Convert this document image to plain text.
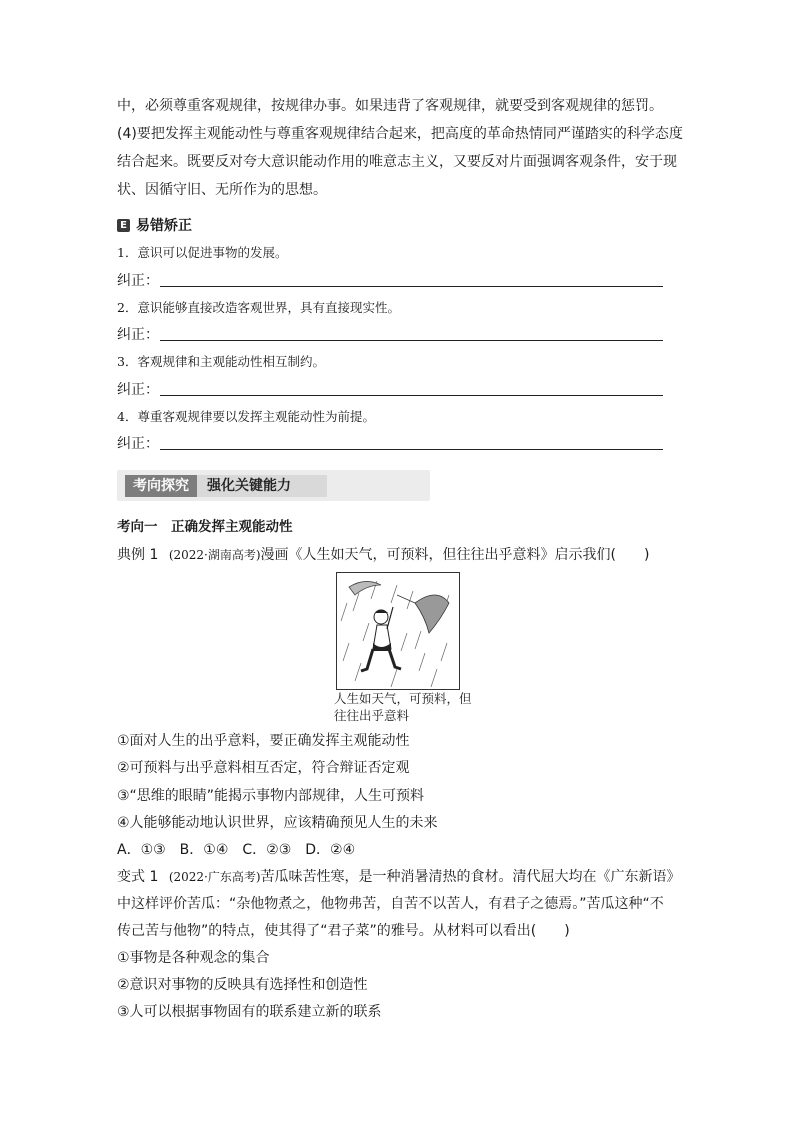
中，必须尊重客观规律，按规律办事。如果违背了客观规律，就要受到客观规律的惩罚。
(4)要把发挥主观能动性与尊重客观规律结合起来，把高度的革命热情同严谨踏实的科学态度
结合起来。既要反对夸大意识能动作用的唯意志主义，又要反对片面强调客观条件，安于现
状、因循守旧、无所作为的思想。
E 易错矫正
1．意识可以促进事物的发展。
纠正：
2．意识能够直接改造客观世界，具有直接现实性。
纠正：
3．客观规律和主观能动性相互制约。
纠正：
4．尊重客观规律要以发挥主观能动性为前提。
纠正：
考向探究	强化关键能力
考向一　正确发挥主观能动性
典例 1 (2022·湖南高考)漫画《人生如天气，可预料，但往往出乎意料》启示我们(　　)
人生如天气，可预料，但往往出乎意料
①面对人生的出乎意料，要正确发挥主观能动性
②可预料与出乎意料相互否定，符合辩证否定观
③“思维的眼睛”能揭示事物内部规律，人生可预料
④人能够能动地认识世界，应该精确预见人生的未来
A．①③　B．①④　C．②③　D．②④
变式 1 (2022·广东高考)苦瓜味苦性寒，是一种消暑清热的食材。清代屈大均在《广东新语》
中这样评价苦瓜：“杂他物煮之，他物弗苦，自苦不以苦人，有君子之德焉。”苦瓜这种“不
传己苦与他物”的特点，使其得了“君子菜”的雅号。从材料可以看出(　　)
①事物是各种观念的集合
②意识对事物的反映具有选择性和创造性
③人可以根据事物固有的联系建立新的联系
